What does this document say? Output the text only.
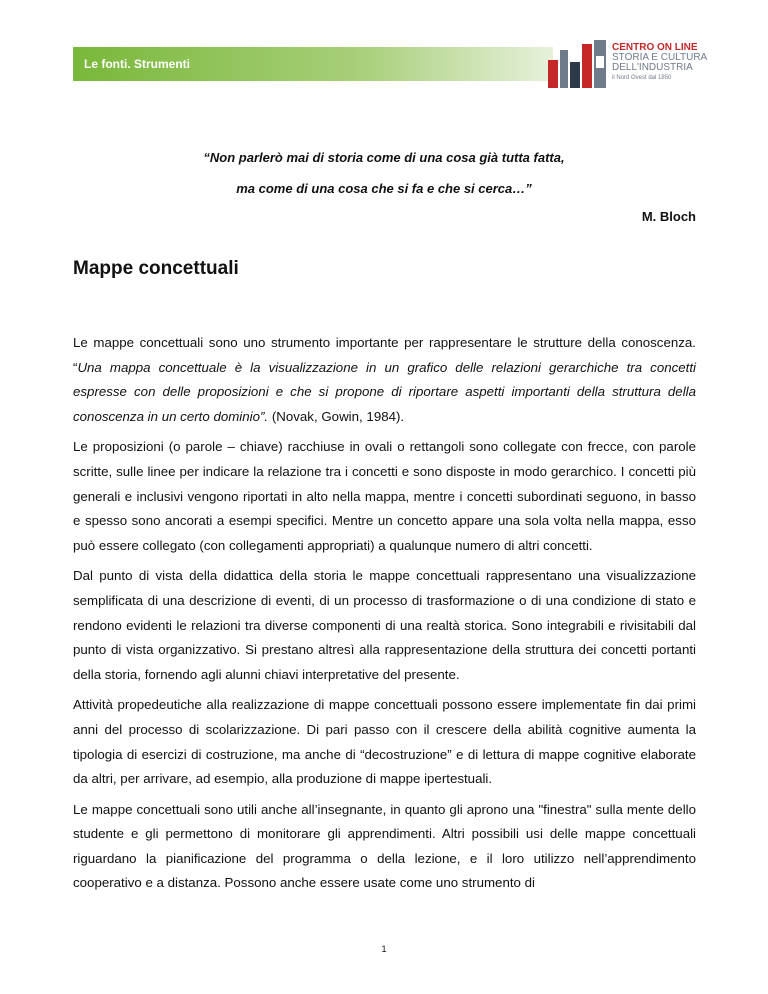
Le fonti. Strumenti
CENTRO ON LINE
STORIA E CULTURA
DELL'INDUSTRIA
il Nord Ovest dal 1850
“Non parlerò mai di storia come di una cosa già tutta fatta,
ma come di una cosa che si fa e che si cerca…”
M. Bloch
Mappe concettuali

Le mappe concettuali sono uno strumento importante per rappresentare le strutture della conoscenza. “Una mappa concettuale è la visualizzazione in un grafico delle relazioni gerarchiche tra concetti espresse con delle proposizioni e che si propone di riportare aspetti importanti della struttura della conoscenza in un certo dominio”. (Novak, Gowin, 1984).

Le proposizioni (o parole – chiave) racchiuse in ovali o rettangoli sono collegate con frecce, con parole scritte, sulle linee per indicare la relazione tra i concetti e sono disposte in modo gerarchico. I concetti più generali e inclusivi vengono riportati in alto nella mappa, mentre i concetti subordinati seguono, in basso e spesso sono ancorati a esempi specifici. Mentre un concetto appare una sola volta nella mappa, esso può essere collegato (con collegamenti appropriati) a qualunque numero di altri concetti.

Dal punto di vista della didattica della storia le mappe concettuali rappresentano una visualizzazione semplificata di una descrizione di eventi, di un processo di trasformazione o di una condizione di stato e rendono evidenti le relazioni tra diverse componenti di una realtà storica. Sono integrabili e rivisitabili dal punto di vista organizzativo. Si prestano altresì alla rappresentazione della struttura dei concetti portanti della storia, fornendo agli alunni chiavi interpretative del presente.

Attività propedeutiche alla realizzazione di mappe concettuali possono essere implementate fin dai primi anni del processo di scolarizzazione. Di pari passo con il crescere della abilità cognitive aumenta la tipologia di esercizi di costruzione, ma anche di “decostruzione” e di lettura di mappe cognitive elaborate da altri, per arrivare, ad esempio, alla produzione di mappe ipertestuali.

Le mappe concettuali sono utili anche all’insegnante, in quanto gli aprono una "finestra" sulla mente dello studente e gli permettono di monitorare gli apprendimenti. Altri possibili usi delle mappe concettuali riguardano la pianificazione del programma o della lezione, e il loro utilizzo nell’apprendimento cooperativo e a distanza. Possono anche essere usate come uno strumento di

1
